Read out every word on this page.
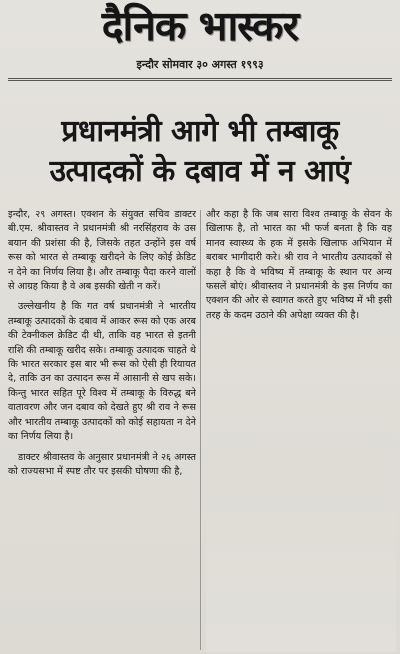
दैनिक भास्कर
इन्दौर सोमवार ३० अगस्त १९९३
प्रधानमंत्री आगे भी तम्बाकू
उत्पादकों के दबाव में न आएं

इन्दौर, २९ अगस्त। एक्शन के संयुक्त सचिव डाक्टर बी.एम. श्रीवास्तव ने प्रधानमंत्री श्री नरसिंहराव के उस बयान की प्रशंसा की है, जिसके तहत उन्होंने इस वर्ष रूस को भारत से तम्बाकू खरीदने के लिए कोई क्रेडिट न देने का निर्णय लिया है। और तम्बाकू पैदा करने वालों से आग्रह किया है वे अब इसकी खेती न करें।

उल्लेखनीय है कि गत वर्ष प्रधानमंत्री ने भारतीय तम्बाकू उत्पादकों के दबाव में आकर रूस को एक अरब की टेक्नीकल क्रेडिट दी थी, ताकि वह भारत से इतनी राशि की तम्बाकू खरीद सके। तम्बाकू उत्पादक चाहते थे कि भारत सरकार इस बार भी रूस को ऐसी ही रियायत दे, ताकि उन का उत्पादन रूस में आसानी से खप सके। किन्तु भारत सहित पूरे विश्व में तम्बाकू के विरुद्ध बने वातावरण और जन दबाव को देखते हुए श्री राव ने रूस और भारतीय तम्बाकू उत्पादकों को कोई सहायता न देने का निर्णय लिया है।

डाक्टर श्रीवास्तव के अनुसार प्रधानमंत्री ने २६ अगस्त को राज्यसभा में स्पष्ट तौर पर इसकी घोषणा की है,

और कहा है कि जब सारा विश्व तम्बाकू के सेवन के खिलाफ है, तो भारत का भी फर्ज बनता है कि वह मानव स्वास्थ्य के हक में इसके खिलाफ अभियान में बराबर भागीदारी करे। श्री राव ने भारतीय उत्पादकों से कहा है कि वे भविष्य में तम्बाकू के स्थान पर अन्य फसलें बोएं। श्रीवास्तव ने प्रधानमंत्री के इस निर्णय का एक्शन की ओर से स्वागत करते हुए भविष्य में भी इसी तरह के कदम उठाने की अपेक्षा व्यक्त की है।
